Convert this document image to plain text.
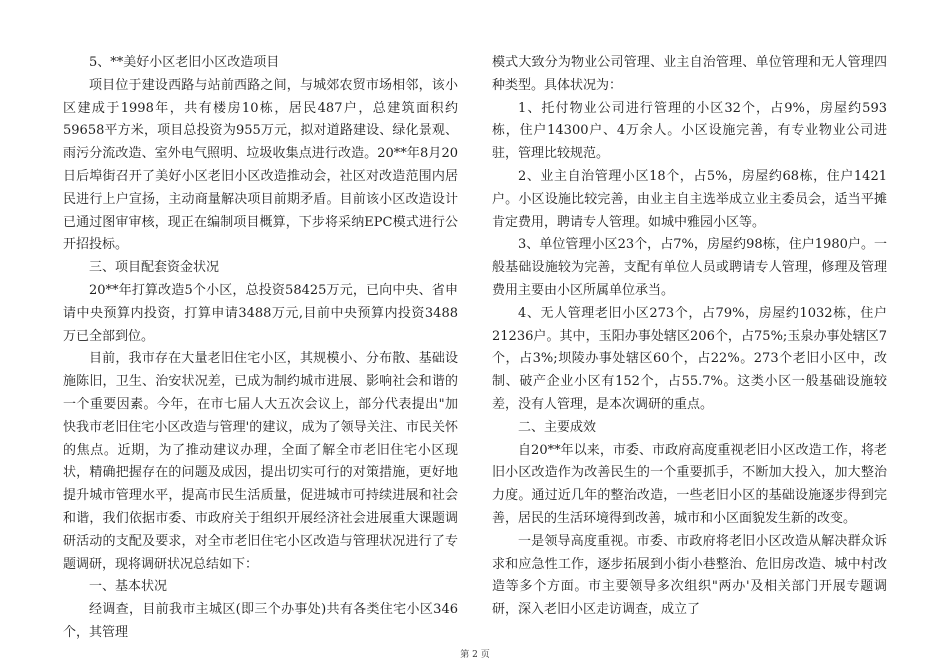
5、**美好小区老旧小区改造项目

项目位于建设西路与站前西路之间，与城郊农贸市场相邻，该小区建成于1998年，共有楼房10栋，居民487户，总建筑面积约59658平方米，项目总投资为955万元，拟对道路建设、绿化景观、雨污分流改造、室外电气照明、垃圾收集点进行改造。20**年8月20日后埠街召开了美好小区老旧小区改造推动会，社区对改造范围内居民进行上户宣扬，主动商量解决项目前期矛盾。目前该小区改造设计已通过图审审核，现正在编制项目概算，下步将采纳EPC模式进行公开招投标。

三、项目配套资金状况

20**年打算改造5个小区，总投资58425万元，已向中央、省申请中央预算内投资，打算申请3488万元,目前中央预算内投资3488万已全部到位。

目前，我市存在大量老旧住宅小区，其规模小、分布散、基础设施陈旧，卫生、治安状况差，已成为制约城市进展、影响社会和谐的一个重要因素。今年，在市七届人大五次会议上，部分代表提出"加快我市老旧住宅小区改造与管理'的建议，成为了领导关注、市民关怀的焦点。近期，为了推动建议办理，全面了解全市老旧住宅小区现状，精确把握存在的问题及成因，提出切实可行的对策措施，更好地提升城市管理水平，提高市民生活质量，促进城市可持续进展和社会和谐，我们依据市委、市政府关于组织开展经济社会进展重大课题调研活动的支配及要求，对全市老旧住宅小区改造与管理状况进行了专题调研，现将调研状况总结如下：

一、基本状况

经调查，目前我市主城区(即三个办事处)共有各类住宅小区346个，其管理

模式大致分为物业公司管理、业主自治管理、单位管理和无人管理四种类型。具体状况为：

1、托付物业公司进行管理的小区32个，占9%，房屋约593栋，住户14300户、4万余人。小区设施完善，有专业物业公司进驻，管理比较规范。

2、业主自治管理小区18个，占5%，房屋约68栋，住户1421户。小区设施比较完善，由业主自主选举成立业主委员会，适当平摊肯定费用，聘请专人管理。如城中雅园小区等。

3、单位管理小区23个，占7%，房屋约98栋，住户1980户。一般基础设施较为完善，支配有单位人员或聘请专人管理，修理及管理费用主要由小区所属单位承当。

4、无人管理老旧小区273个，占79%，房屋约1032栋，住户21236户。其中，玉阳办事处辖区206个，占75%;玉泉办事处辖区7个，占3%;坝陵办事处辖区60个，占22%。273个老旧小区中，改制、破产企业小区有152个，占55.7%。这类小区一般基础设施较差，没有人管理，是本次调研的重点。

二、主要成效

自20**年以来，市委、市政府高度重视老旧小区改造工作，将老旧小区改造作为改善民生的一个重要抓手，不断加大投入，加大整治力度。通过近几年的整治改造，一些老旧小区的基础设施逐步得到完善，居民的生活环境得到改善，城市和小区面貌发生新的改变。

一是领导高度重视。市委、市政府将老旧小区改造从解决群众诉求和应急性工作，逐步拓展到小街小巷整治、危旧房改造、城中村改造等多个方面。市主要领导多次组织"两办'及相关部门开展专题调研，深入老旧小区走访调查，成立了

第 2 页
